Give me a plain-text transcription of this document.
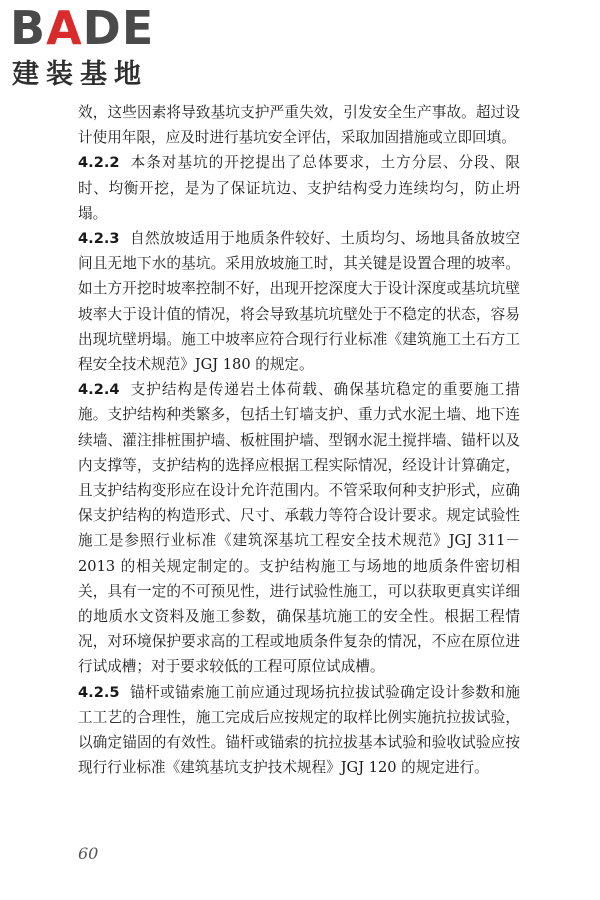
BADE
建装基地

效，这些因素将导致基坑支护严重失效，引发安全生产事故。超过设计使用年限，应及时进行基坑安全评估，采取加固措施或立即回填。

4.2.2 本条对基坑的开挖提出了总体要求，土方分层、分段、限时、均衡开挖，是为了保证坑边、支护结构受力连续均匀，防止坍塌。

4.2.3 自然放坡适用于地质条件较好、土质均匀、场地具备放坡空间且无地下水的基坑。采用放坡施工时，其关键是设置合理的坡率。如土方开挖时坡率控制不好，出现开挖深度大于设计深度或基坑坑壁坡率大于设计值的情况，将会导致基坑坑壁处于不稳定的状态，容易出现坑壁坍塌。施工中坡率应符合现行行业标准《建筑施工土石方工程安全技术规范》JGJ 180 的规定。

4.2.4 支护结构是传递岩土体荷载、确保基坑稳定的重要施工措施。支护结构种类繁多，包括土钉墙支护、重力式水泥土墙、地下连续墙、灌注排桩围护墙、板桩围护墙、型钢水泥土搅拌墙、锚杆以及内支撑等，支护结构的选择应根据工程实际情况，经设计计算确定，且支护结构变形应在设计允许范围内。不管采取何种支护形式，应确保支护结构的构造形式、尺寸、承载力等符合设计要求。规定试验性施工是参照行业标准《建筑深基坑工程安全技术规范》JGJ 311－2013 的相关规定制定的。支护结构施工与场地的地质条件密切相关，具有一定的不可预见性，进行试验性施工，可以获取更真实详细的地质水文资料及施工参数，确保基坑施工的安全性。根据工程情况，对环境保护要求高的工程或地质条件复杂的情况，不应在原位进行试成槽；对于要求较低的工程可原位试成槽。

4.2.5 锚杆或锚索施工前应通过现场抗拉拔试验确定设计参数和施工工艺的合理性，施工完成后应按规定的取样比例实施抗拉拔试验，以确定锚固的有效性。锚杆或锚索的抗拉拔基本试验和验收试验应按现行行业标准《建筑基坑支护技术规程》JGJ 120 的规定进行。

60
